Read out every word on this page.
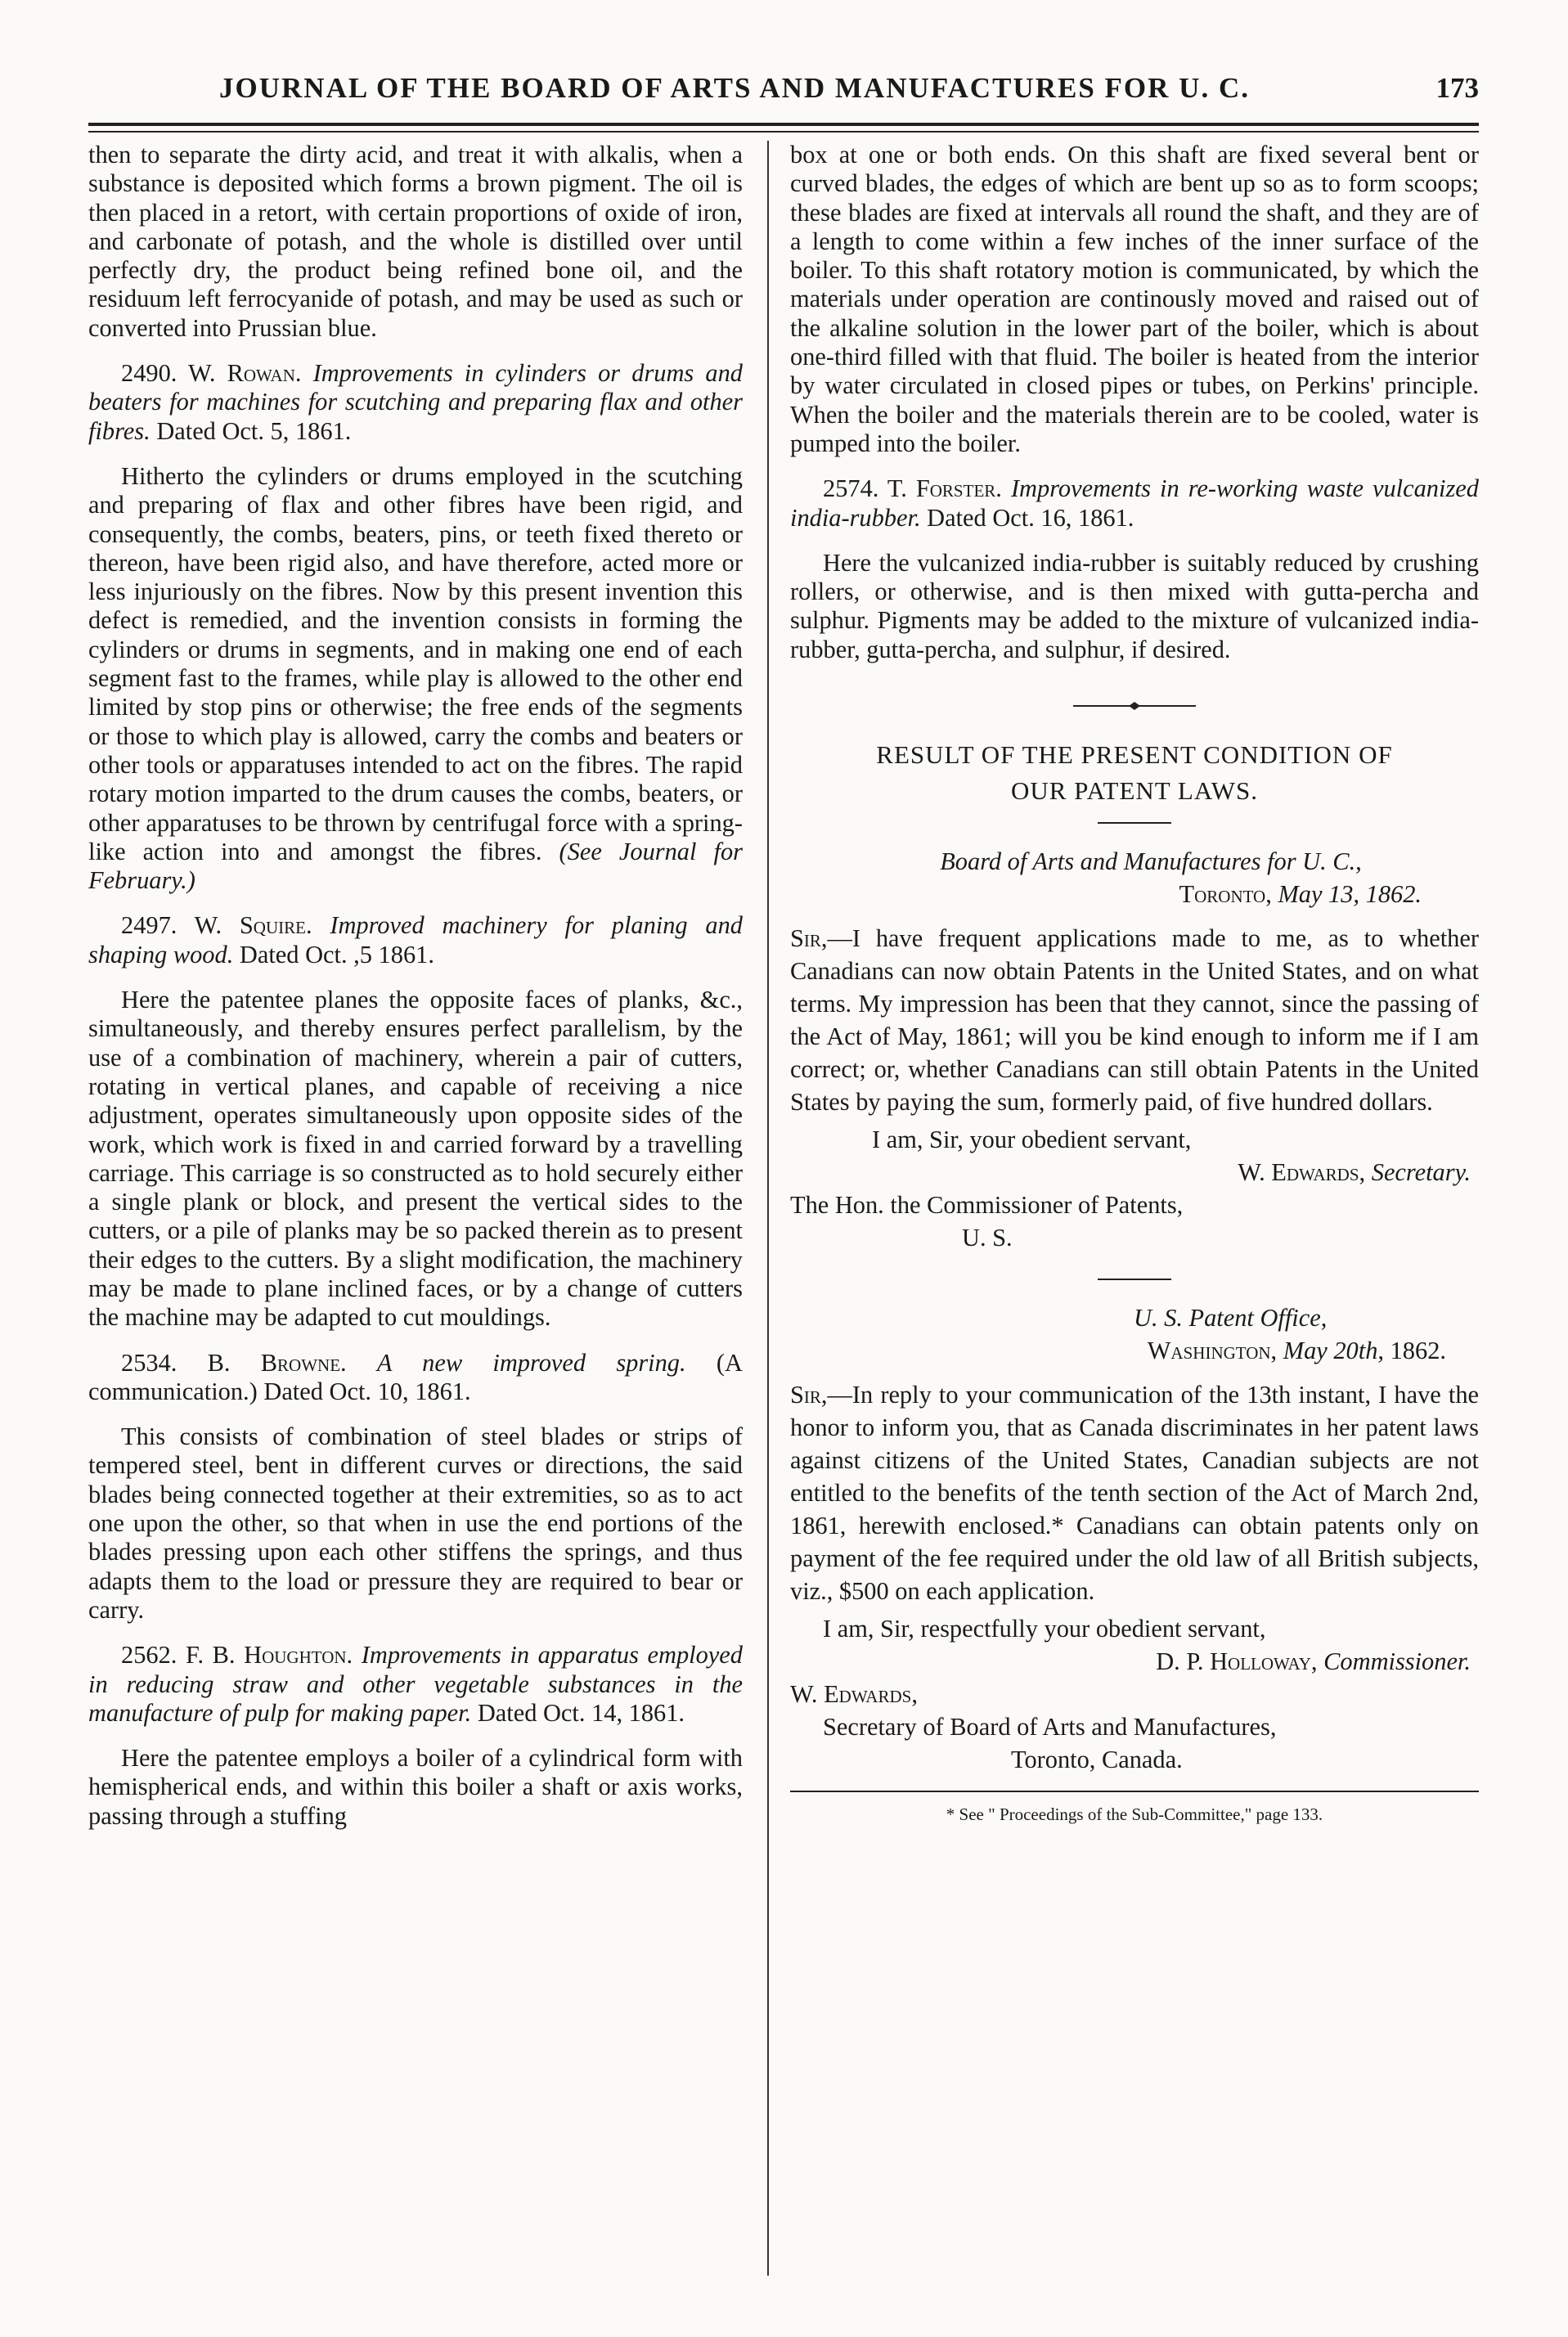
JOURNAL OF THE BOARD OF ARTS AND MANUFACTURES FOR U. C.	173

then to separate the dirty acid, and treat it with alkalis, when a substance is deposited which forms a brown pigment. The oil is then placed in a retort, with certain proportions of oxide of iron, and carbonate of potash, and the whole is distilled over until perfectly dry, the product being refined bone oil, and the residuum left ferrocyanide of potash, and may be used as such or converted into Prussian blue.

2490. W. Rowan. Improvements in cylinders or drums and beaters for machines for scutching and preparing flax and other fibres. Dated Oct. 5, 1861.

Hitherto the cylinders or drums employed in the scutching and preparing of flax and other fibres have been rigid, and consequently, the combs, beaters, pins, or teeth fixed thereto or thereon, have been rigid also, and have therefore, acted more or less injuriously on the fibres. Now by this present invention this defect is remedied, and the invention consists in forming the cylinders or drums in segments, and in making one end of each segment fast to the frames, while play is allowed to the other end limited by stop pins or otherwise; the free ends of the segments or those to which play is allowed, carry the combs and beaters or other tools or apparatuses intended to act on the fibres. The rapid rotary motion imparted to the drum causes the combs, beaters, or other apparatuses to be thrown by centrifugal force with a spring-like action into and amongst the fibres. (See Journal for February.)

2497. W. Squire. Improved machinery for planing and shaping wood. Dated Oct. ,5 1861.

Here the patentee planes the opposite faces of planks, &c., simultaneously, and thereby ensures perfect parallelism, by the use of a combination of machinery, wherein a pair of cutters, rotating in vertical planes, and capable of receiving a nice adjustment, operates simultaneously upon opposite sides of the work, which work is fixed in and carried forward by a travelling carriage. This carriage is so constructed as to hold securely either a single plank or block, and present the vertical sides to the cutters, or a pile of planks may be so packed therein as to present their edges to the cutters. By a slight modification, the machinery may be made to plane inclined faces, or by a change of cutters the machine may be adapted to cut mouldings.

2534. B. Browne. A new improved spring. (A communication.) Dated Oct. 10, 1861.

This consists of combination of steel blades or strips of tempered steel, bent in different curves or directions, the said blades being connected together at their extremities, so as to act one upon the other, so that when in use the end portions of the blades pressing upon each other stiffens the springs, and thus adapts them to the load or pressure they are required to bear or carry.

2562. F. B. Houghton. Improvements in apparatus employed in reducing straw and other vegetable substances in the manufacture of pulp for making paper. Dated Oct. 14, 1861.

Here the patentee employs a boiler of a cylindrical form with hemispherical ends, and within this boiler a shaft or axis works, passing through a stuffing

box at one or both ends. On this shaft are fixed several bent or curved blades, the edges of which are bent up so as to form scoops; these blades are fixed at intervals all round the shaft, and they are of a length to come within a few inches of the inner surface of the boiler. To this shaft rotatory motion is communicated, by which the materials under operation are continously moved and raised out of the alkaline solution in the lower part of the boiler, which is about one-third filled with that fluid. The boiler is heated from the interior by water circulated in closed pipes or tubes, on Perkins' principle. When the boiler and the materials therein are to be cooled, water is pumped into the boiler.

2574. T. Forster. Improvements in re-working waste vulcanized india-rubber. Dated Oct. 16, 1861.

Here the vulcanized india-rubber is suitably reduced by crushing rollers, or otherwise, and is then mixed with gutta-percha and sulphur. Pigments may be added to the mixture of vulcanized india-rubber, gutta-percha, and sulphur, if desired.

RESULT OF THE PRESENT CONDITION OF
OUR PATENT LAWS.
Board of Arts and Manufactures for U. C.,
Toronto, May 13, 1862.

Sir,—I have frequent applications made to me, as to whether Canadians can now obtain Patents in the United States, and on what terms. My impression has been that they cannot, since the passing of the Act of May, 1861; will you be kind enough to inform me if I am correct; or, whether Canadians can still obtain Patents in the United States by paying the sum, formerly paid, of five hundred dollars.

I am, Sir, your obedient servant,
W. Edwards, Secretary.
The Hon. the Commissioner of Patents,
U. S.
U. S. Patent Office,
Washington, May 20th, 1862.

Sir,—In reply to your communication of the 13th instant, I have the honor to inform you, that as Canada discriminates in her patent laws against citizens of the United States, Canadian subjects are not entitled to the benefits of the tenth section of the Act of March 2nd, 1861, herewith enclosed.* Canadians can obtain patents only on payment of the fee required under the old law of all British subjects, viz., $500 on each application.

I am, Sir, respectfully your obedient servant,
D. P. Holloway, Commissioner.
W. Edwards,
Secretary of Board of Arts and Manufactures,
Toronto, Canada.
* See " Proceedings of the Sub-Committee," page 133.
